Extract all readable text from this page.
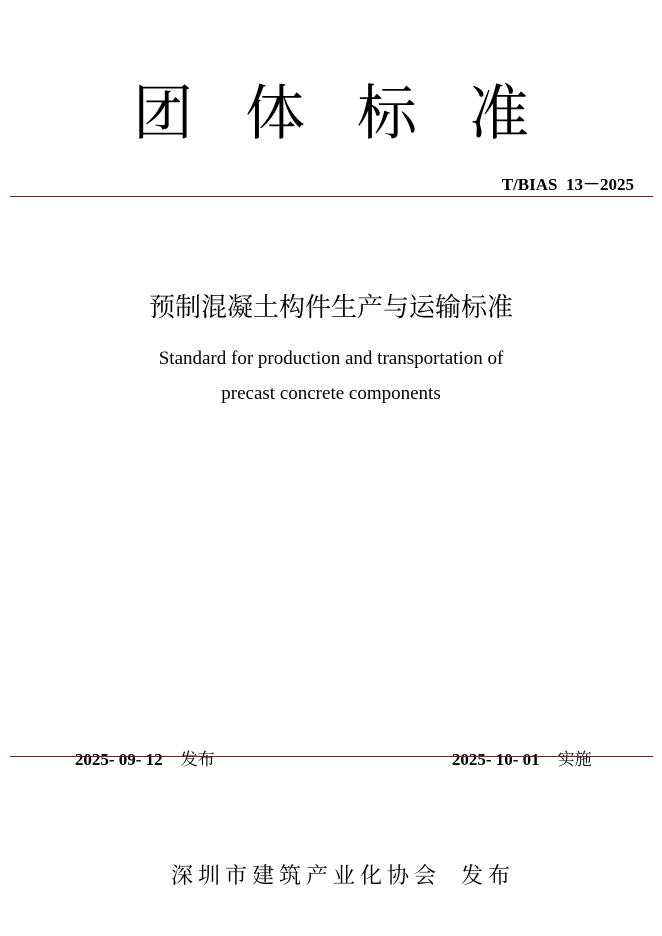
团体标准
T/BIAS  13－2025
预制混凝土构件生产与运输标准
Standard for production and transportation of
precast concrete components

2025- 09- 12 发布	2025- 10- 01 实施

深圳市建筑产业化协会 发布
